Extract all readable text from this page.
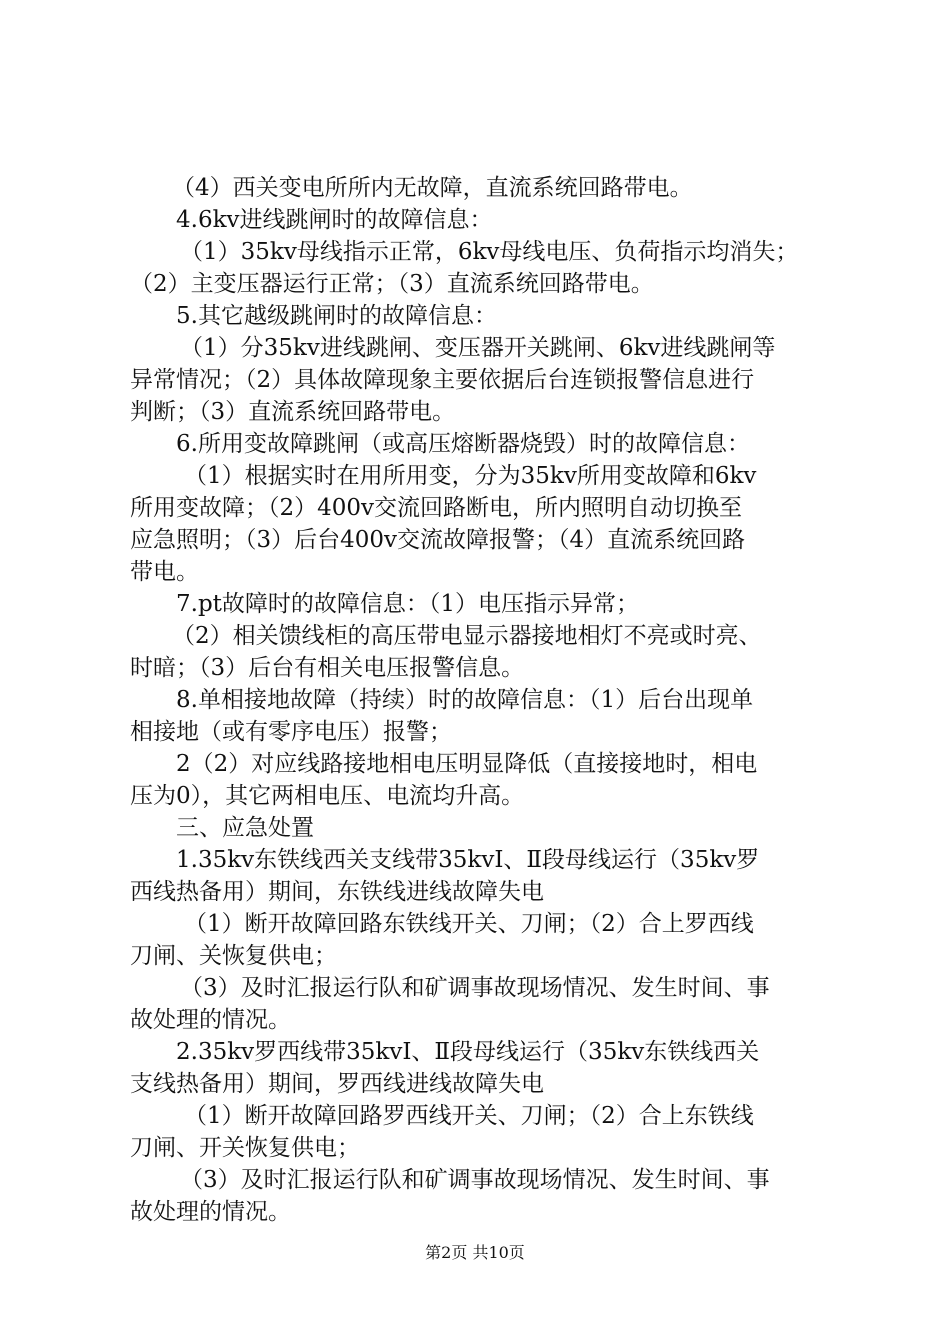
（4）西关变电所所内无故障，直流系统回路带电。
4.6kv进线跳闸时的故障信息：
（1）35kv母线指示正常，6kv母线电压、负荷指示均消失；
（2）主变压器运行正常；（3）直流系统回路带电。
5.其它越级跳闸时的故障信息：
（1）分35kv进线跳闸、变压器开关跳闸、6kv进线跳闸等
异常情况；（2）具体故障现象主要依据后台连锁报警信息进行
判断；（3）直流系统回路带电。
6.所用变故障跳闸（或高压熔断器烧毁）时的故障信息：
（1）根据实时在用所用变，分为35kv所用变故障和6kv
所用变故障；（2）400v交流回路断电，所内照明自动切换至
应急照明；（3）后台400v交流故障报警；（4）直流系统回路
带电。
7.pt故障时的故障信息：（1）电压指示异常；
（2）相关馈线柜的高压带电显示器接地相灯不亮或时亮、
时暗；（3）后台有相关电压报警信息。
8.单相接地故障（持续）时的故障信息：（1）后台出现单
相接地（或有零序电压）报警；
2（2）对应线路接地相电压明显降低（直接接地时，相电
压为0），其它两相电压、电流均升高。
三、应急处置
1.35kv东铁线西关支线带35kvⅠ、Ⅱ段母线运行（35kv罗
西线热备用）期间，东铁线进线故障失电
（1）断开故障回路东铁线开关、刀闸；（2）合上罗西线
刀闸、关恢复供电；
（3）及时汇报运行队和矿调事故现场情况、发生时间、事
故处理的情况。
2.35kv罗西线带35kvⅠ、Ⅱ段母线运行（35kv东铁线西关
支线热备用）期间，罗西线进线故障失电
（1）断开故障回路罗西线开关、刀闸；（2）合上东铁线
刀闸、开关恢复供电；
（3）及时汇报运行队和矿调事故现场情况、发生时间、事
故处理的情况。
第2页 共10页
